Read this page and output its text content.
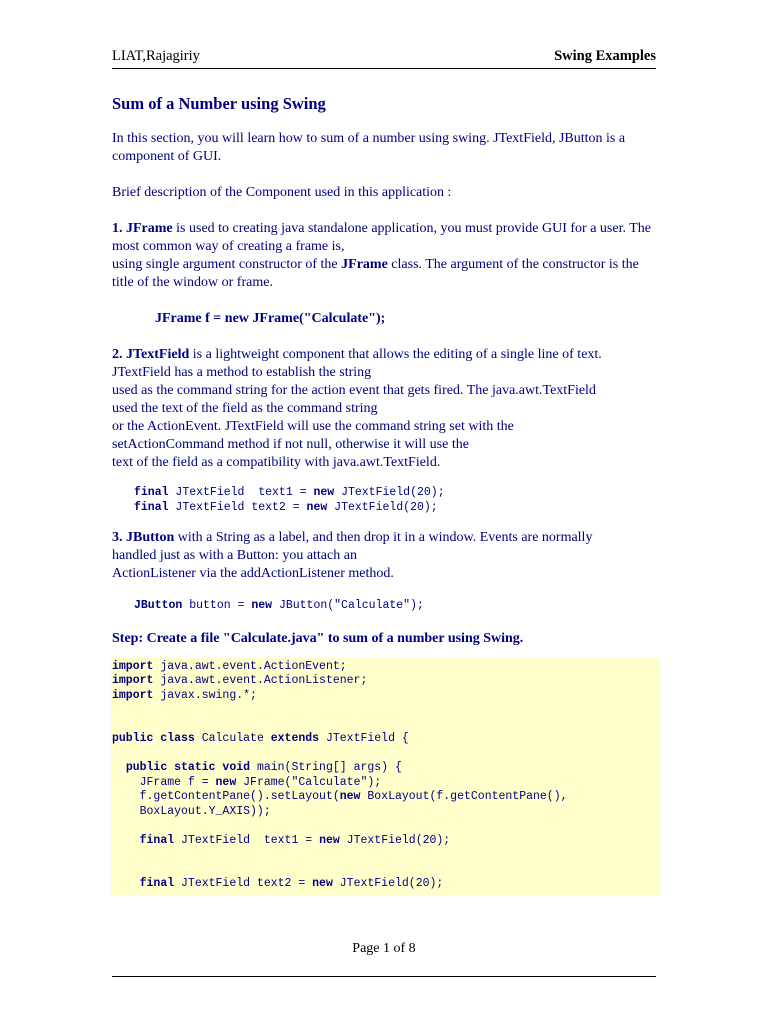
LIAT,Rajagiriy	Swing Examples

Sum of a Number using Swing

In this section, you will learn how to sum of a number using swing. JTextField, JButton is a component of GUI.

Brief description of the Component used in this application :

1. JFrame is used to creating java standalone application, you must provide GUI for a user. The most common way of creating a frame is,
using single argument constructor of the JFrame class. The argument of the constructor is the title of the window or frame.

JFrame f = new JFrame("Calculate");

2. JTextField is a lightweight component that allows the editing of a single line of text.
JTextField has a method to establish the string
used as the command string for the action event that gets fired. The java.awt.TextField
used the text of the field as the command string
or the ActionEvent. JTextField will use the command string set with the
setActionCommand method if not null, otherwise it will use the
text of the field as a compatibility with java.awt.TextField.

final JTextField  text1 = new JTextField(20);
final JTextField text2 = new JTextField(20);

3. JButton with a String as a label, and then drop it in a window. Events are normally
handled just as with a Button: you attach an
ActionListener via the addActionListener method.

JButton button = new JButton("Calculate");

Step: Create a file "Calculate.java" to sum of a number using Swing.

import java.awt.event.ActionEvent;
import java.awt.event.ActionListener;
import javax.swing.*;

public class Calculate extends JTextField {

public static void main(String[] args) {
JFrame f = new JFrame("Calculate");
f.getContentPane().setLayout(new BoxLayout(f.getContentPane(),
BoxLayout.Y_AXIS));

final JTextField  text1 = new JTextField(20);

final JTextField text2 = new JTextField(20);
Page 1 of 8
